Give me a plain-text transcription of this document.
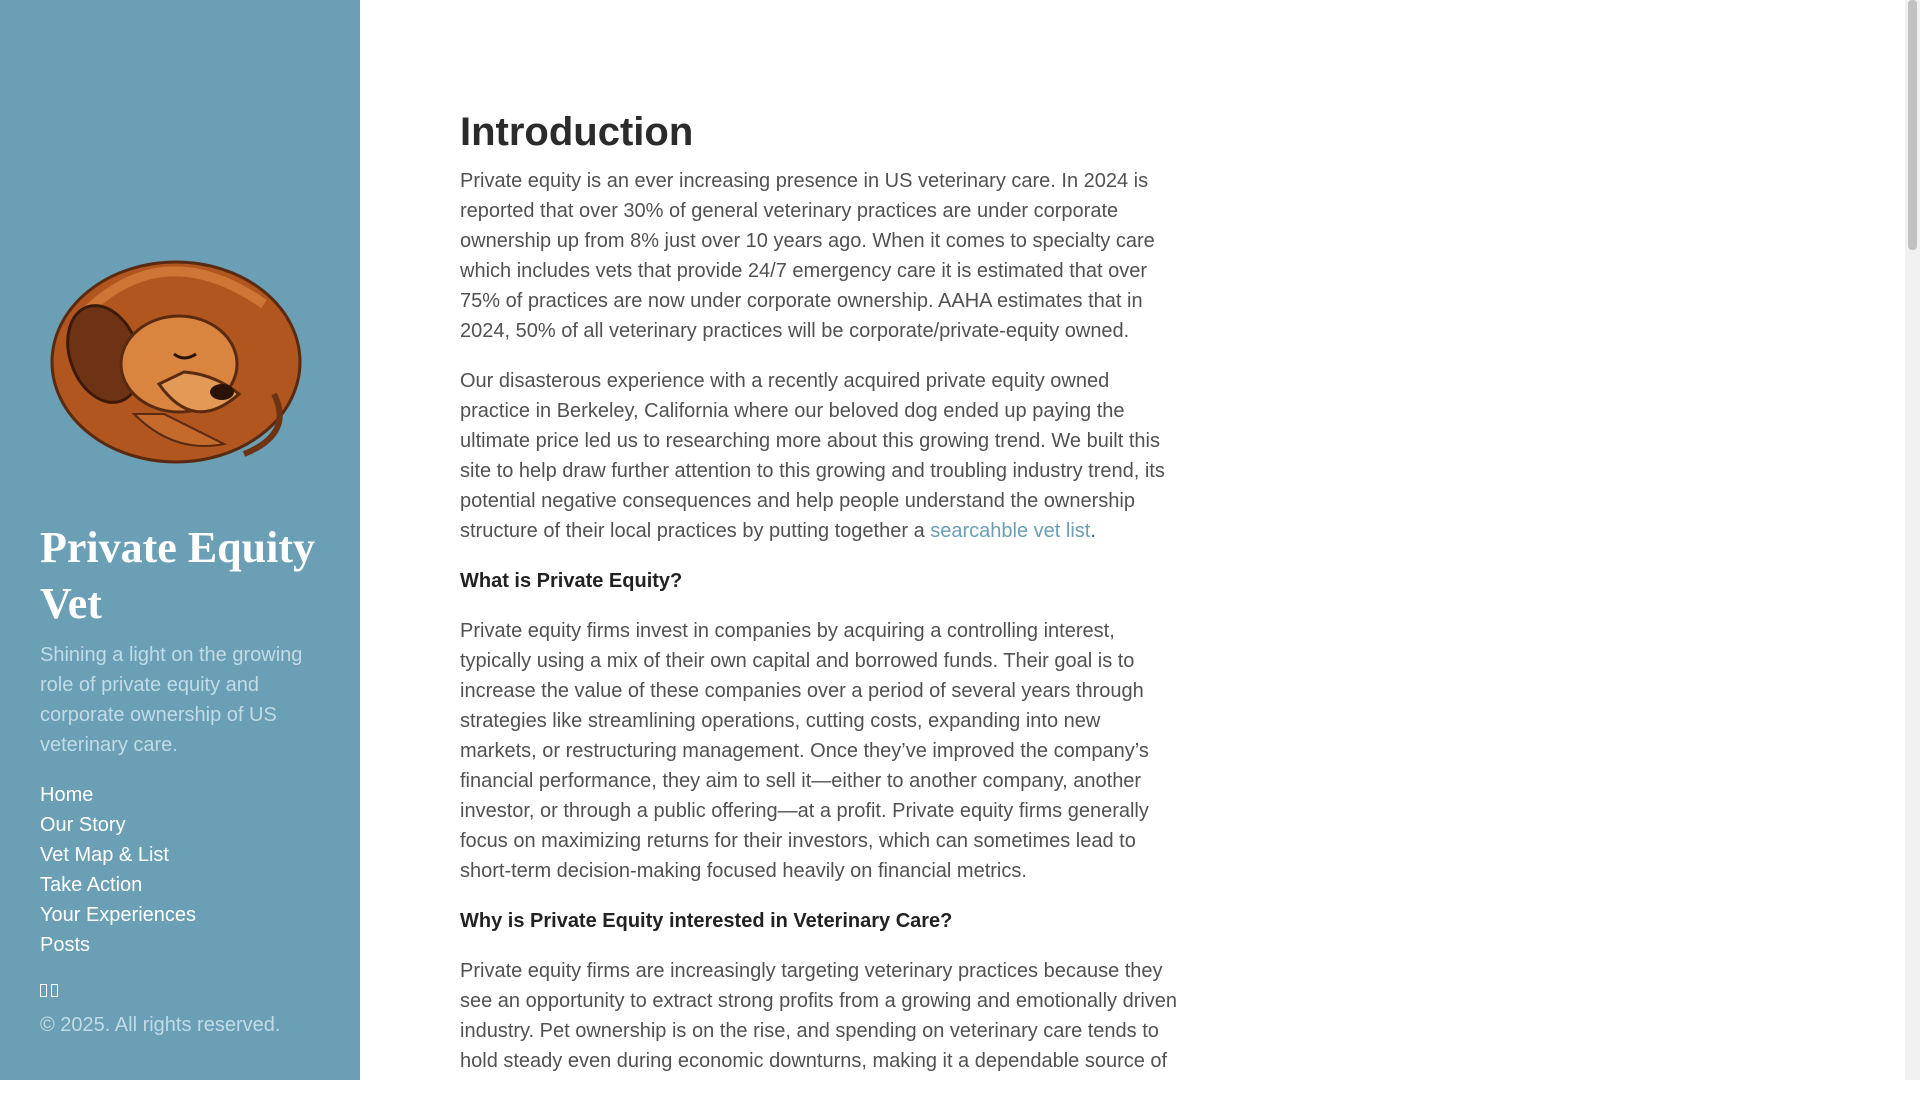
Private Equity Vet

Shining a light on the growing role of private equity and corporate ownership of US veterinary care.

Home
Our Story
Vet Map & List
Take Action
Your Experiences
Posts

© 2025. All rights reserved.

Introduction

Private equity is an ever increasing presence in US veterinary care. In 2024 is reported that over 30% of general veterinary practices are under corporate ownership up from 8% just over 10 years ago. When it comes to specialty care which includes vets that provide 24/7 emergency care it is estimated that over 75% of practices are now under corporate ownership. AAHA estimates that in 2024, 50% of all veterinary practices will be corporate/private-equity owned.

Our disasterous experience with a recently acquired private equity owned practice in Berkeley, California where our beloved dog ended up paying the ultimate price led us to researching more about this growing trend. We built this site to help draw further attention to this growing and troubling industry trend, its potential negative consequences and help people understand the ownership structure of their local practices by putting together a searcahble vet list.

What is Private Equity?

Private equity firms invest in companies by acquiring a controlling interest, typically using a mix of their own capital and borrowed funds. Their goal is to increase the value of these companies over a period of several years through strategies like streamlining operations, cutting costs, expanding into new markets, or restructuring management. Once they’ve improved the company’s financial performance, they aim to sell it—either to another company, another investor, or through a public offering—at a profit. Private equity firms generally focus on maximizing returns for their investors, which can sometimes lead to short-term decision-making focused heavily on financial metrics.

Why is Private Equity interested in Veterinary Care?

Private equity firms are increasingly targeting veterinary practices because they see an opportunity to extract strong profits from a growing and emotionally driven industry. Pet ownership is on the rise, and spending on veterinary care tends to hold steady even during economic downturns, making it a dependable source of
